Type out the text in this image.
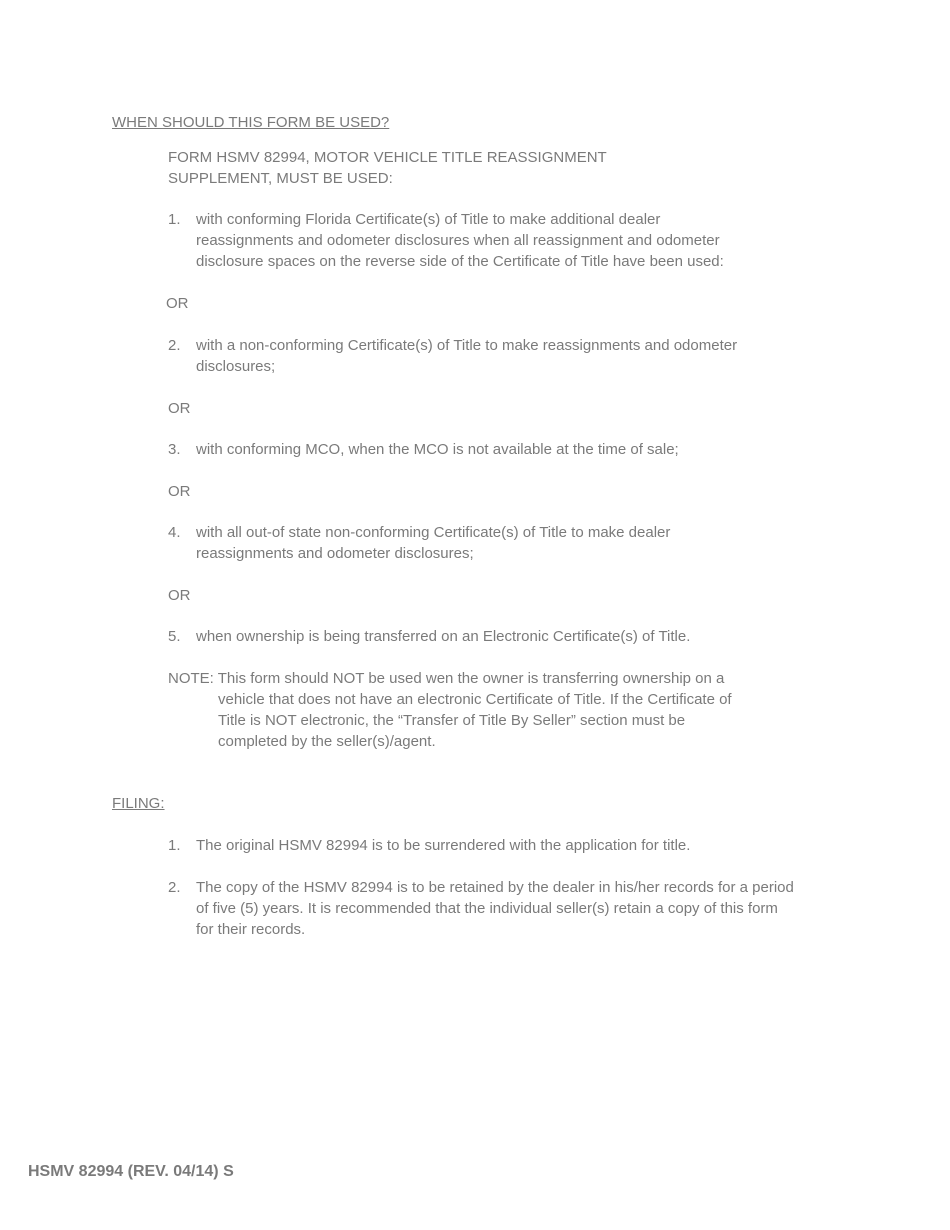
WHEN SHOULD THIS FORM BE USED?
FORM HSMV 82994, MOTOR VEHICLE TITLE REASSIGNMENT SUPPLEMENT, MUST BE USED:
1.	with conforming Florida Certificate(s) of Title to make additional dealer reassignments and odometer disclosures when all reassignment and odometer disclosure spaces on the reverse side of the Certificate of Title have been used:
OR
2.	with a non-conforming Certificate(s) of Title to make reassignments and odometer disclosures;
OR
3.	with conforming MCO, when the MCO is not available at the time of sale;
OR
4.	with all out-of state non-conforming Certificate(s) of Title to make dealer reassignments and odometer disclosures;
OR
5.	when ownership is being transferred on an Electronic Certificate(s) of Title.
NOTE: This form should NOT be used wen the owner is transferring ownership on a vehicle that does not have an electronic Certificate of Title. If the Certificate of Title is NOT electronic, the “Transfer of Title By Seller” section must be completed by the seller(s)/agent.
FILING:
1.	The original HSMV 82994 is to be surrendered with the application for title.
2.	The copy of the HSMV 82994 is to be retained by the dealer in his/her records for a period of five (5) years. It is recommended that the individual seller(s) retain a copy of this form for their records.
HSMV 82994 (REV. 04/14) S
